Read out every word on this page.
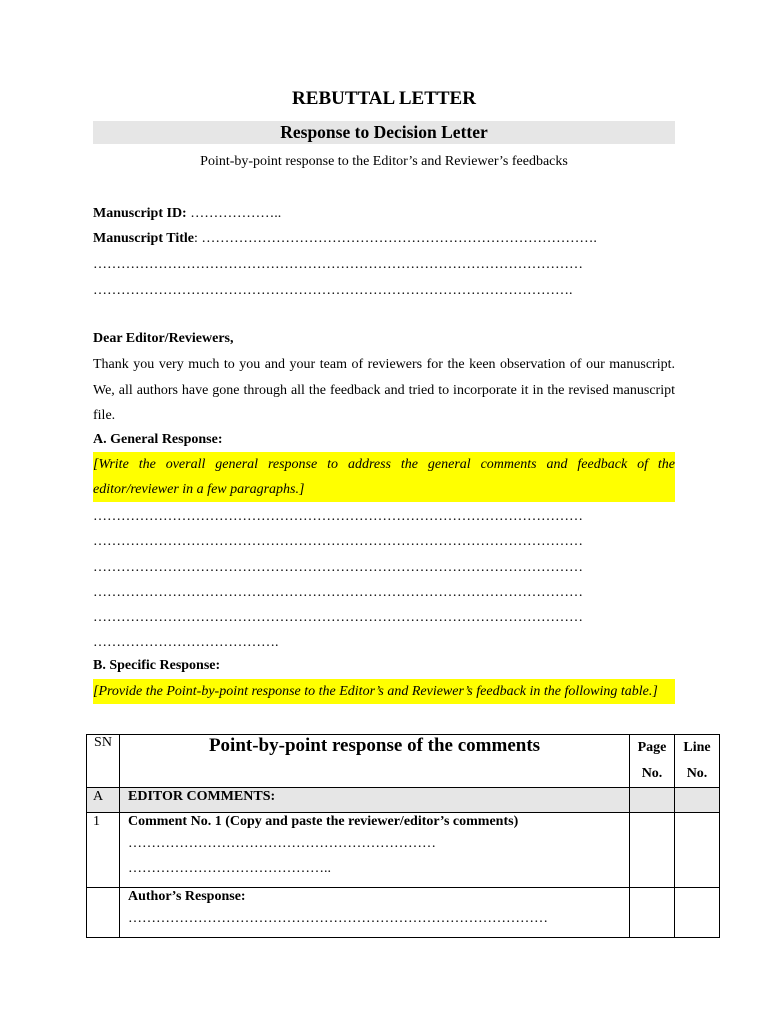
REBUTTAL LETTER
Response to Decision Letter
Point-by-point response to the Editor’s and Reviewer’s feedbacks
Manuscript ID: ………………..
Manuscript Title: ………………………………………………………………………….
……………………………………………………………………………………………
………………………………………………………………………………………….
Dear Editor/Reviewers,
Thank you very much to you and your team of reviewers for the keen observation of our manuscript. We, all authors have gone through all the feedback and tried to incorporate it in the revised manuscript file.
A. General Response:
[Write the overall general response to address the general comments and feedback of the editor/reviewer in a few paragraphs.]
……………………………………………………………………………………………
……………………………………………………………………………………………
……………………………………………………………………………………………
……………………………………………………………………………………………
……………………………………………………………………………………………
………………………………….
B. Specific Response:
[Provide the Point-by-point response to the Editor’s and Reviewer’s feedback in the following table.]
SN	Point-by-point response of the comments	Page No.	Line No.
A	EDITOR COMMENTS:		
1	Comment No. 1 (Copy and paste the reviewer/editor’s comments)
…………………………………………………………
……………………………………..		

	Author’s Response:
………………………………………………………………………………		
